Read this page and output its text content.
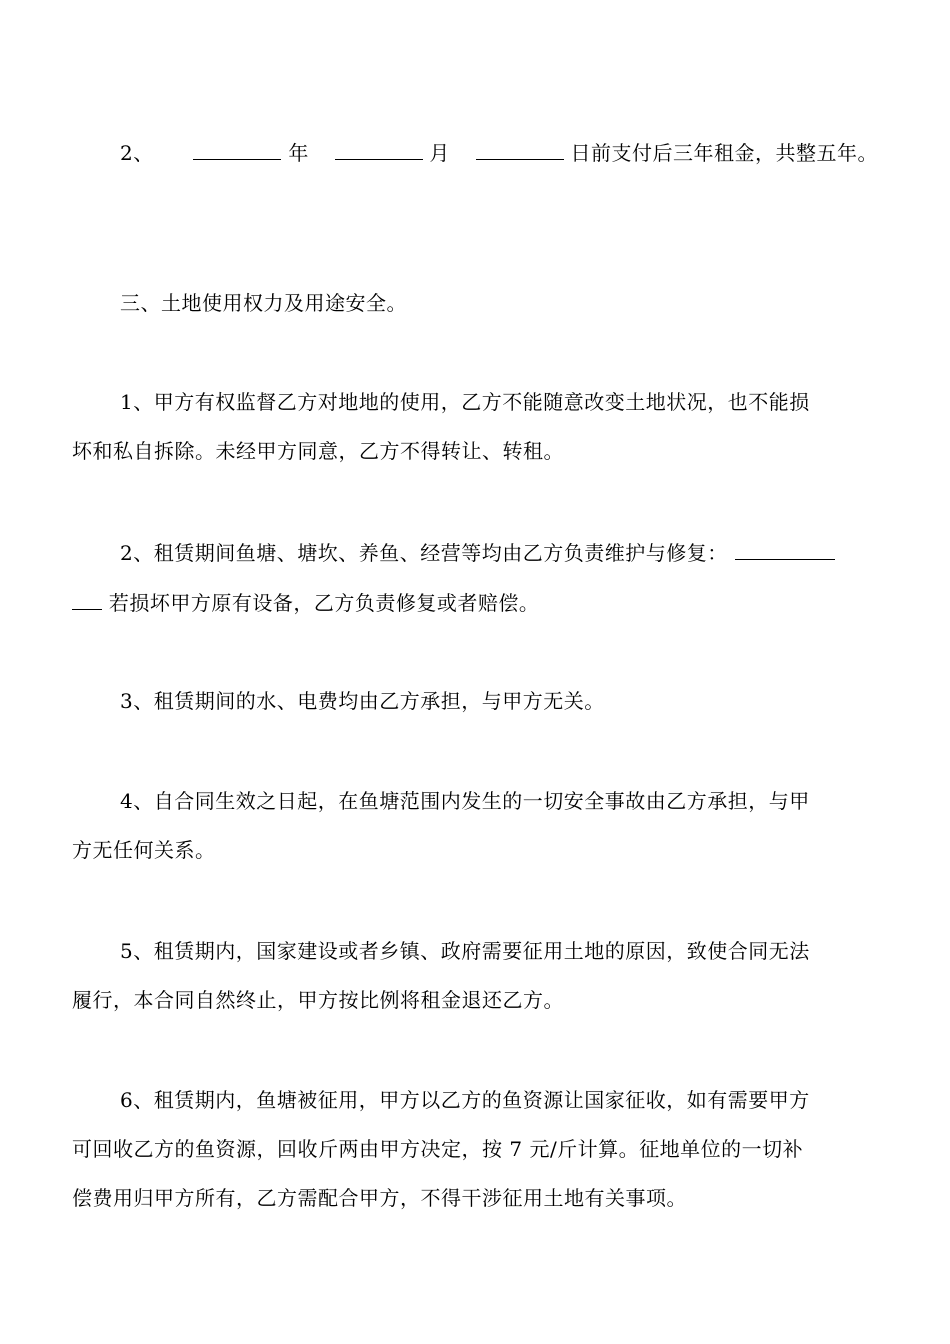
2、	年	月	日前支付后三年租金，共整五年。
三、土地使用权力及用途安全。
1、甲方有权监督乙方对地地的使用，乙方不能随意改变土地状况，也不能损
坏和私自拆除。未经甲方同意，乙方不得转让、转租。
2、租赁期间鱼塘、塘坎、养鱼、经营等均由乙方负责维护与修复：
若损坏甲方原有设备，乙方负责修复或者赔偿。
3、租赁期间的水、电费均由乙方承担，与甲方无关。
4、自合同生效之日起，在鱼塘范围内发生的一切安全事故由乙方承担，与甲
方无任何关系。
5、租赁期内，国家建设或者乡镇、政府需要征用土地的原因，致使合同无法
履行，本合同自然终止，甲方按比例将租金退还乙方。
6、租赁期内，鱼塘被征用，甲方以乙方的鱼资源让国家征收，如有需要甲方
可回收乙方的鱼资源，回收斤两由甲方决定，按 7 元/斤计算。征地单位的一切补
偿费用归甲方所有，乙方需配合甲方，不得干涉征用土地有关事项。
